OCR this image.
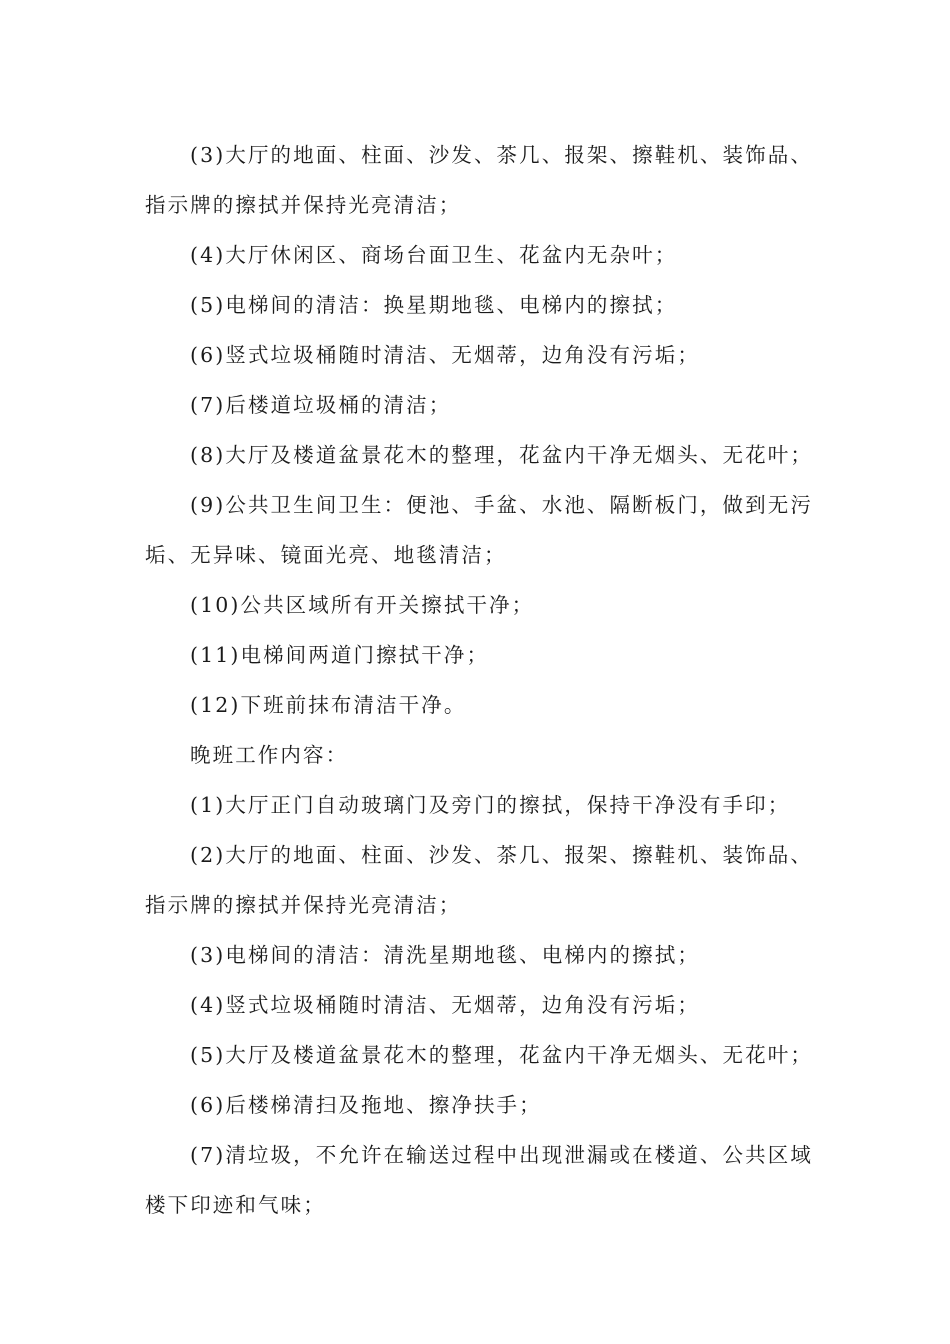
(3)大厅的地面、柱面、沙发、茶几、报架、擦鞋机、装饰品、
指示牌的擦拭并保持光亮清洁；
(4)大厅休闲区、商场台面卫生、花盆内无杂叶；
(5)电梯间的清洁：换星期地毯、电梯内的擦拭；
(6)竖式垃圾桶随时清洁、无烟蒂，边角没有污垢；
(7)后楼道垃圾桶的清洁；
(8)大厅及楼道盆景花木的整理，花盆内干净无烟头、无花叶；
(9)公共卫生间卫生：便池、手盆、水池、隔断板门，做到无污
垢、无异味、镜面光亮、地毯清洁；
(10)公共区域所有开关擦拭干净；
(11)电梯间两道门擦拭干净；
(12)下班前抹布清洁干净。
晚班工作内容：
(1)大厅正门自动玻璃门及旁门的擦拭，保持干净没有手印；
(2)大厅的地面、柱面、沙发、茶几、报架、擦鞋机、装饰品、
指示牌的擦拭并保持光亮清洁；
(3)电梯间的清洁：清洗星期地毯、电梯内的擦拭；
(4)竖式垃圾桶随时清洁、无烟蒂，边角没有污垢；
(5)大厅及楼道盆景花木的整理，花盆内干净无烟头、无花叶；
(6)后楼梯清扫及拖地、擦净扶手；
(7)清垃圾，不允许在输送过程中出现泄漏或在楼道、公共区域
楼下印迹和气味；
